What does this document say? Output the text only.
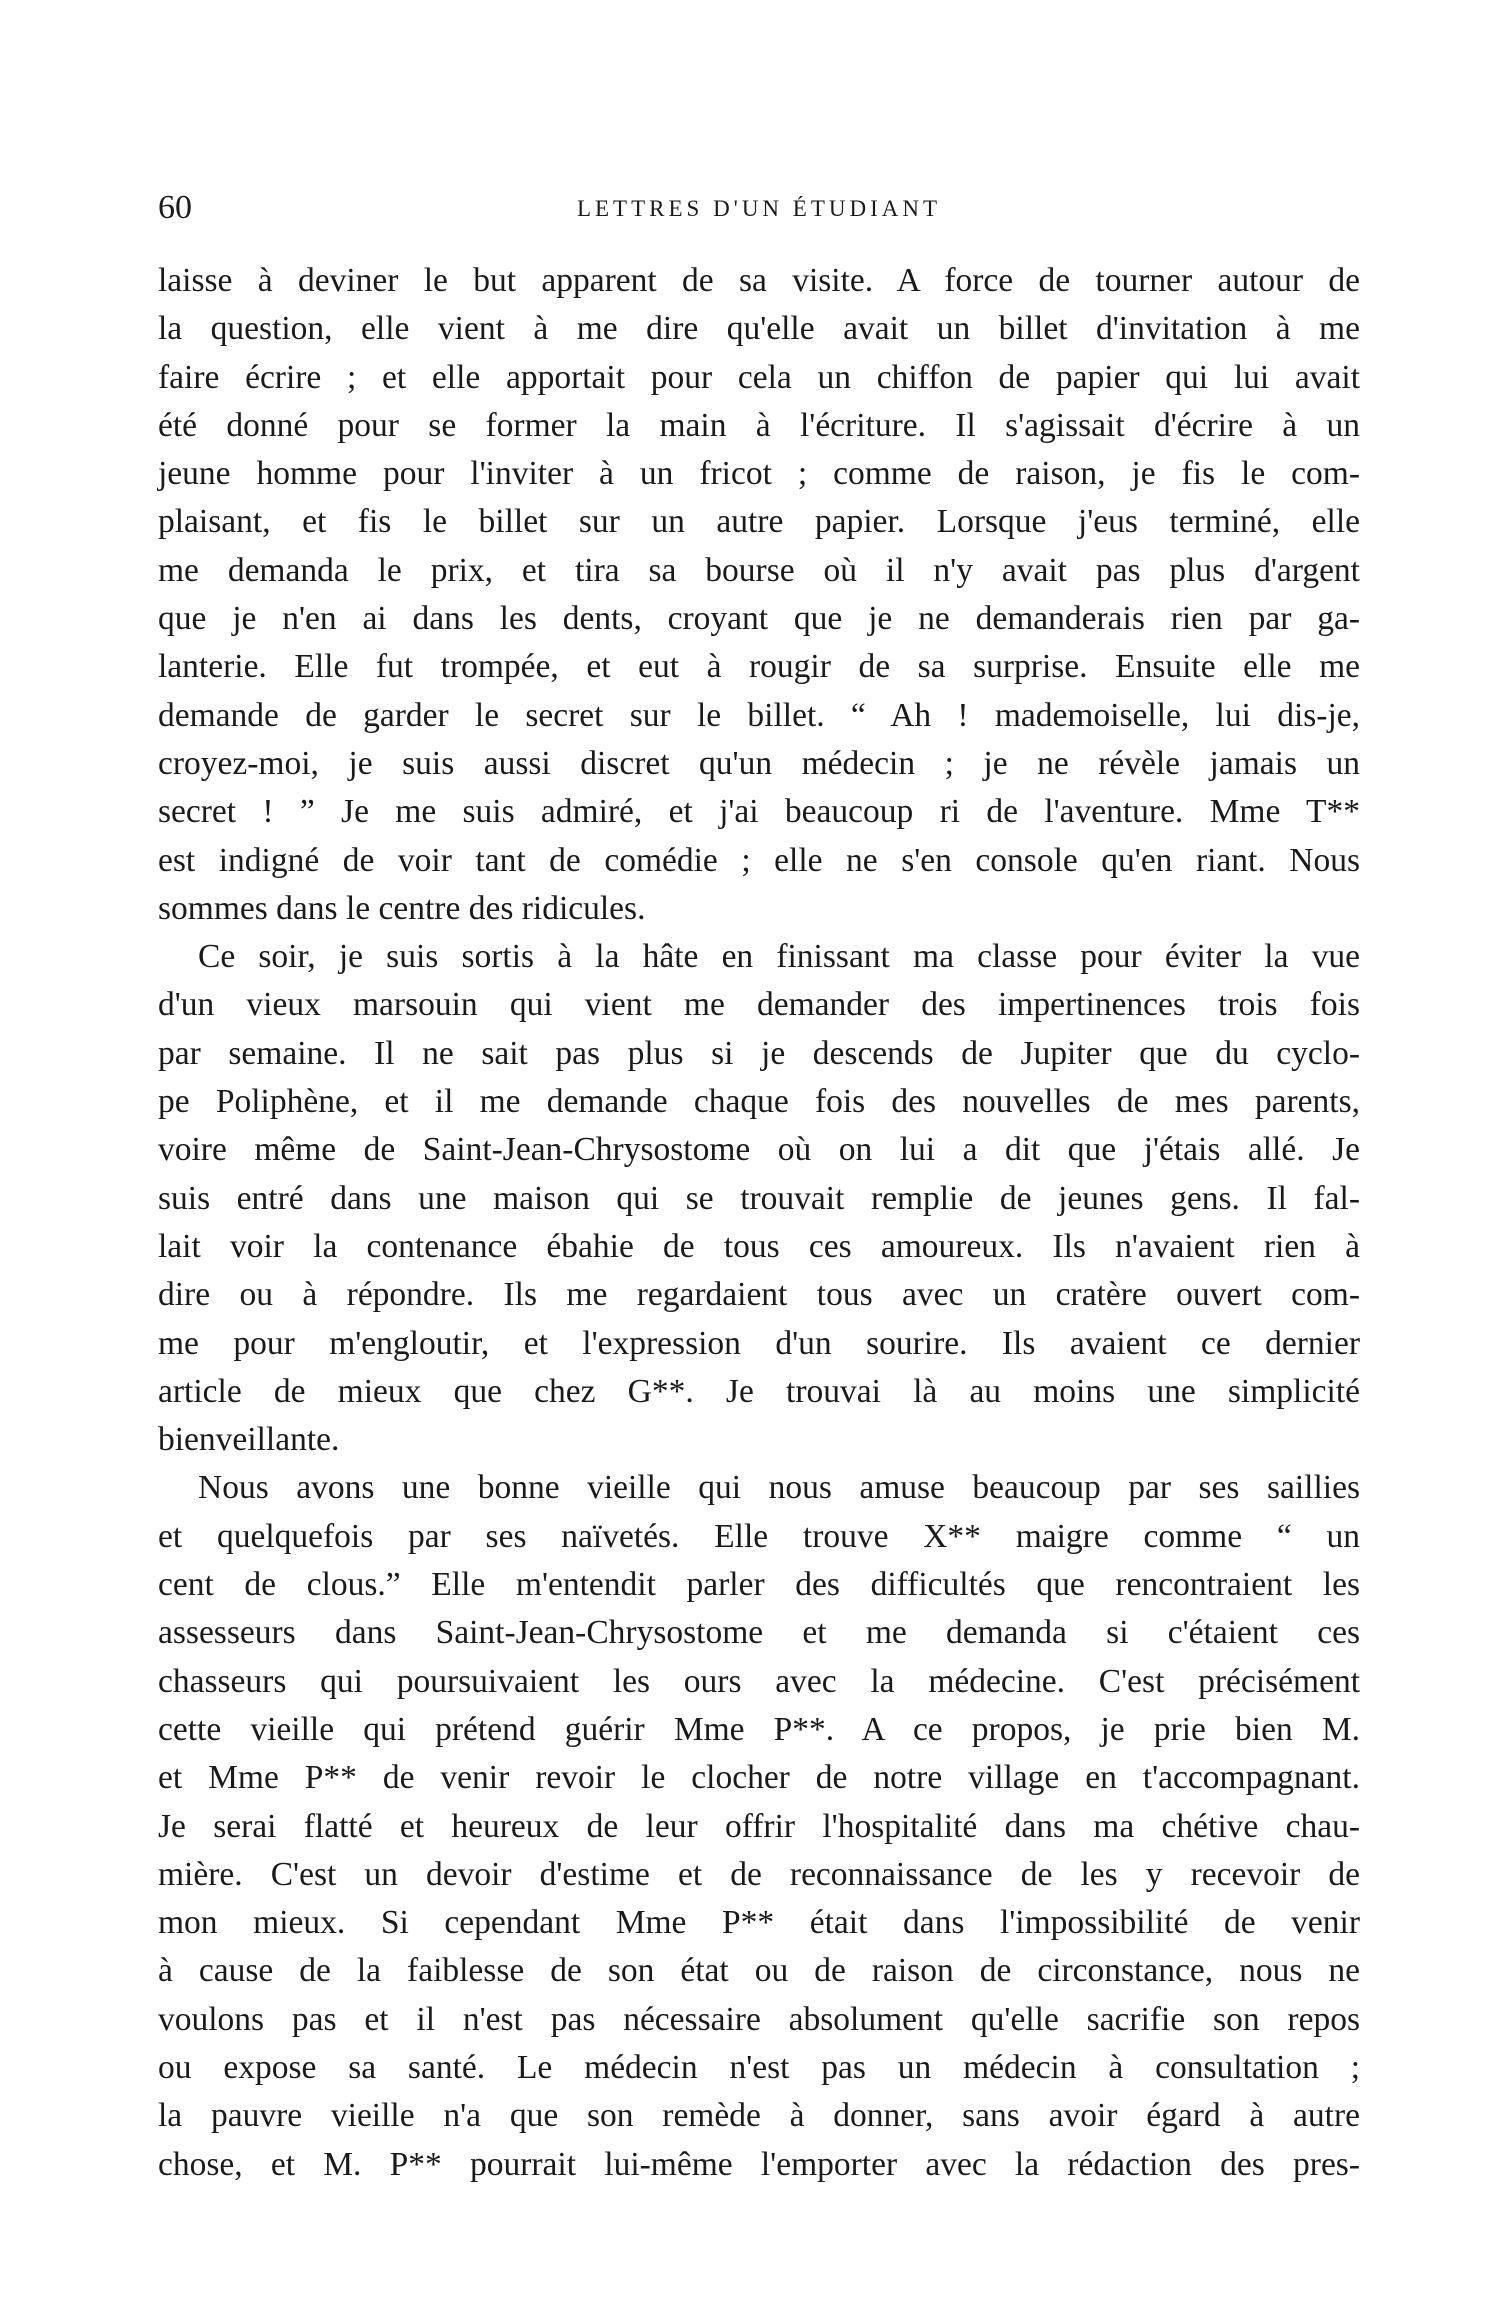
60	LETTRES D'UN ÉTUDIANT
laisse à deviner le but apparent de sa visite. A force de tourner autour de
la question, elle vient à me dire qu'elle avait un billet d'invitation à me
faire écrire ; et elle apportait pour cela un chiffon de papier qui lui avait
été donné pour se former la main à l'écriture. Il s'agissait d'écrire à un
jeune homme pour l'inviter à un fricot ; comme de raison, je fis le com-
plaisant, et fis le billet sur un autre papier. Lorsque j'eus terminé, elle
me demanda le prix, et tira sa bourse où il n'y avait pas plus d'argent
que je n'en ai dans les dents, croyant que je ne demanderais rien par ga-
lanterie. Elle fut trompée, et eut à rougir de sa surprise. Ensuite elle me
demande de garder le secret sur le billet. “ Ah ! mademoiselle, lui dis-je,
croyez-moi, je suis aussi discret qu'un médecin ; je ne révèle jamais un
secret ! ” Je me suis admiré, et j'ai beaucoup ri de l'aventure. Mme T**
est indigné de voir tant de comédie ; elle ne s'en console qu'en riant. Nous
sommes dans le centre des ridicules.
Ce soir, je suis sortis à la hâte en finissant ma classe pour éviter la vue
d'un vieux marsouin qui vient me demander des impertinences trois fois
par semaine. Il ne sait pas plus si je descends de Jupiter que du cyclo-
pe Poliphène, et il me demande chaque fois des nouvelles de mes parents,
voire même de Saint-Jean-Chrysostome où on lui a dit que j'étais allé. Je
suis entré dans une maison qui se trouvait remplie de jeunes gens. Il fal-
lait voir la contenance ébahie de tous ces amoureux. Ils n'avaient rien à
dire ou à répondre. Ils me regardaient tous avec un cratère ouvert com-
me pour m'engloutir, et l'expression d'un sourire. Ils avaient ce dernier
article de mieux que chez G**. Je trouvai là au moins une simplicité
bienveillante.
Nous avons une bonne vieille qui nous amuse beaucoup par ses saillies
et quelquefois par ses naïvetés. Elle trouve X** maigre comme “ un
cent de clous.” Elle m'entendit parler des difficultés que rencontraient les
assesseurs dans Saint-Jean-Chrysostome et me demanda si c'étaient ces
chasseurs qui poursuivaient les ours avec la médecine. C'est précisément
cette vieille qui prétend guérir Mme P**. A ce propos, je prie bien M.
et Mme P** de venir revoir le clocher de notre village en t'accompagnant.
Je serai flatté et heureux de leur offrir l'hospitalité dans ma chétive chau-
mière. C'est un devoir d'estime et de reconnaissance de les y recevoir de
mon mieux. Si cependant Mme P** était dans l'impossibilité de venir
à cause de la faiblesse de son état ou de raison de circonstance, nous ne
voulons pas et il n'est pas nécessaire absolument qu'elle sacrifie son repos
ou expose sa santé. Le médecin n'est pas un médecin à consultation ;
la pauvre vieille n'a que son remède à donner, sans avoir égard à autre
chose, et M. P** pourrait lui-même l'emporter avec la rédaction des pres-
